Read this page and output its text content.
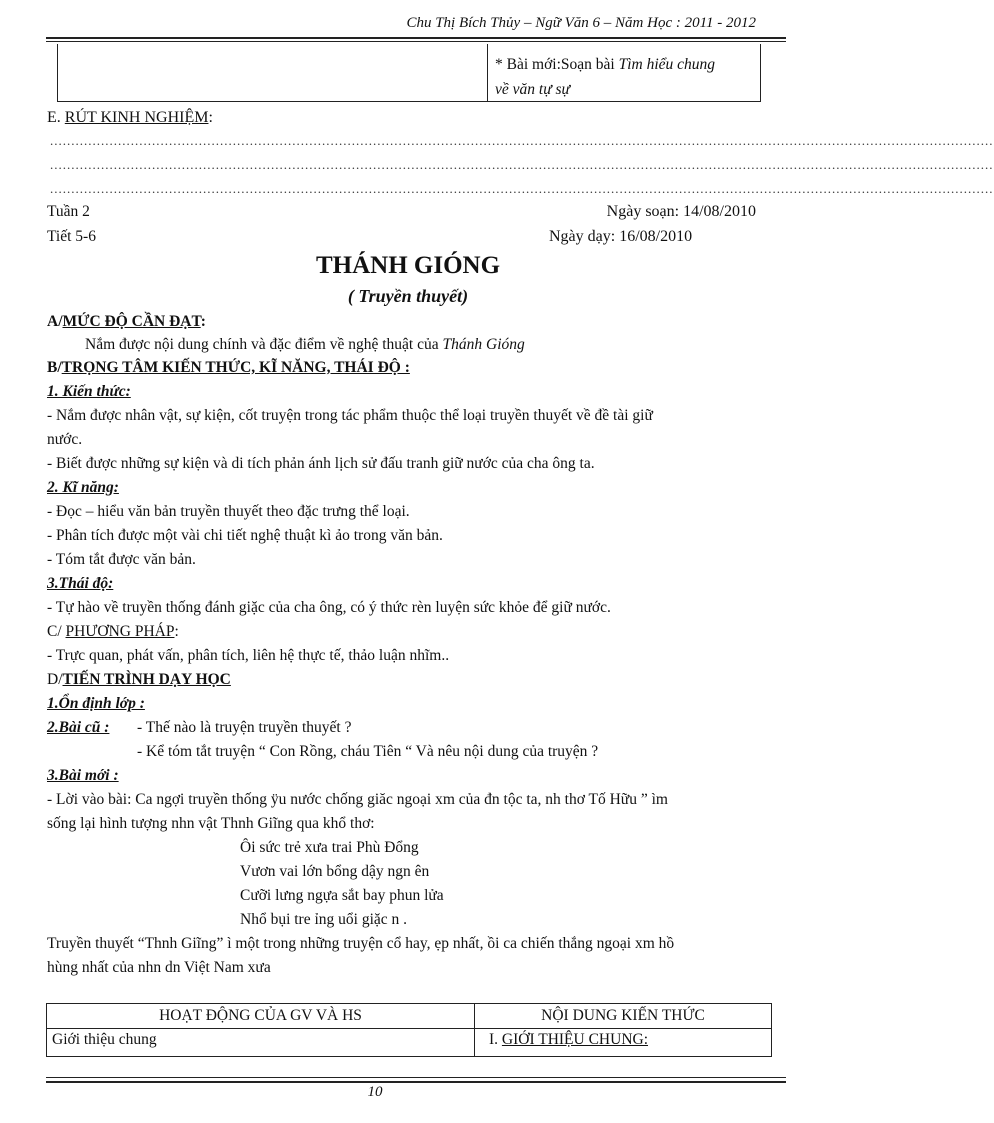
Chu Thị Bích Thủy – Ngữ Văn 6 – Năm Học : 2011 - 2012
* Bài mới:Soạn bài Tìm hiểu chung
về văn tự sự
E. RÚT KINH NGHIỆM:
..............................................................................................................................................................................................................................
..............................................................................................................................................................................................................................
..............................................................................................................................................................................................................................
Tuần 2	Ngày soạn: 14/08/2010
Tiết 5-6	Ngày dạy: 16/08/2010
THÁNH GIÓNG
( Truyền thuyết)
A/MỨC ĐỘ CẦN ĐẠT:
Nắm được nội dung chính và đặc điểm về nghệ thuật của Thánh Gióng
B/TRỌNG TÂM KIẾN THỨC, KĨ NĂNG, THÁI ĐỘ :
1. Kiến thức:
- Nắm được nhân vật, sự kiện, cốt truyện trong tác phẩm thuộc thể loại truyền thuyết về đề tài giữ
nước.
- Biết được những sự kiện và di tích phản ánh lịch sử đấu tranh giữ nước của cha ông ta.
2. Kĩ năng:
- Đọc – hiểu văn bản truyền thuyết theo đặc trưng thể loại.
- Phân tích được một vài chi tiết nghệ thuật kì ảo trong văn bản.
- Tóm tắt được văn bản.
3.Thái độ:
- Tự hào về truyền thống đánh giặc của cha ông, có ý thức rèn luyện sức khỏe để giữ nước.
C/ PHƯƠNG PHÁP:
- Trực quan, phát vấn, phân tích, liên hệ thực tế, thảo luận nhĩm..
D/TIẾN TRÌNH DẠY HỌC
1.Ổn định lớp :
2.Bài cũ : - Thế nào là truyện truyền thuyết ?
- Kể tóm tắt truyện “ Con Rồng, cháu Tiên “ Và nêu nội dung của truyện ?
3.Bài mới :
- Lời vào bài: Ca ngợi truyền thống ÿu nước chống giăc ngoại xm của đn tộc ta, nh thơ Tố Hữu ” ìm
sống lại hình tượng nhn vật Thnh Giĩng qua khổ thơ:
Ôi sức trẻ xưa trai Phù Đổng
Vươn vai lớn bổng dậy ngn ên
Cưỡi lưng ngựa sắt bay phun lửa
Nhổ bụi tre ỉng uổi giặc n .
Truyền thuyết “Thnh Giĩng” ì một trong những truyện cổ hay, ẹp nhất, ồi ca chiến thắng ngoại xm hồ
hùng nhất của nhn dn Việt Nam xưa
HOẠT ĐỘNG CỦA GV VÀ HS	NỘI DUNG KIẾN THỨC
Giới thiệu chung	I. GIỚI THIỆU CHUNG:
10
